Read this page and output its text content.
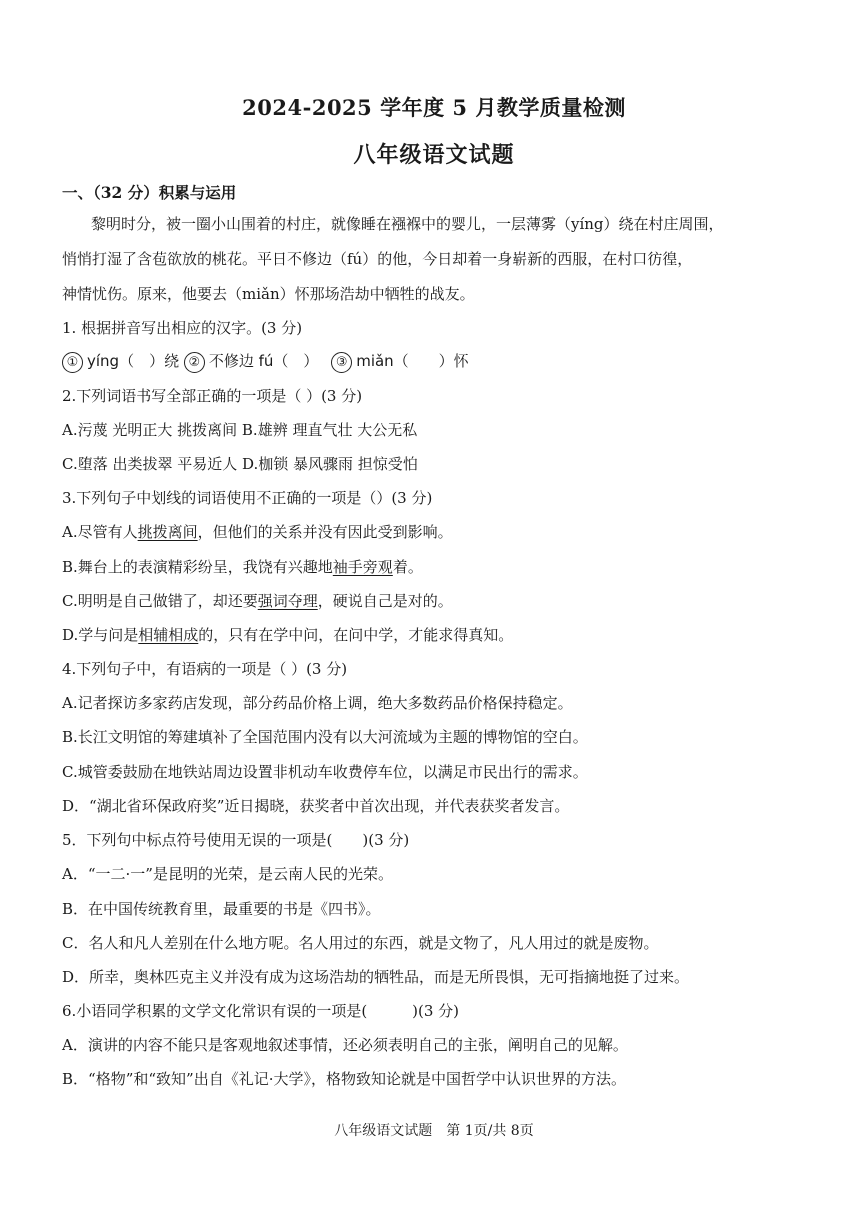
2024-2025 学年度 5 月教学质量检测
八年级语文试题
一、（32 分）积累与运用
黎明时分，被一圈小山围着的村庄，就像睡在襁褓中的婴儿，一层薄雾（yíng）绕在村庄周围，
悄悄打湿了含苞欲放的桃花。平日不修边（fú）的他，今日却着一身崭新的西服，在村口彷徨，
神情忧伤。原来，他要去（miǎn）怀那场浩劫中牺牲的战友。
1. 根据拼音写出相应的汉字。(3 分)
① yíng（　）绕 ② 不修边 fú（　） ③ miǎn（　　）怀
2.下列词语书写全部正确的一项是（ ）(3 分)
A.污蔑 光明正大 挑拨离间 B.雄辨 理直气壮 大公无私
C.堕落 出类拔翠 平易近人 D.枷锁 暴风骤雨 担惊受怕
3.下列句子中划线的词语使用不正确的一项是（）(3 分)
A.尽管有人挑拨离间，但他们的关系并没有因此受到影响。
B.舞台上的表演精彩纷呈，我饶有兴趣地袖手旁观着。
C.明明是自己做错了，却还要强词夺理，硬说自己是对的。
D.学与问是相辅相成的，只有在学中问，在问中学，才能求得真知。
4.下列句子中，有语病的一项是（ ）(3 分)
A.记者探访多家药店发现，部分药品价格上调，绝大多数药品价格保持稳定。
B.长江文明馆的筹建填补了全国范围内没有以大河流域为主题的博物馆的空白。
C.城管委鼓励在地铁站周边设置非机动车收费停车位，以满足市民出行的需求。
D．“湖北省环保政府奖”近日揭晓，获奖者中首次出现，并代表获奖者发言。
5．下列句中标点符号使用无误的一项是(　　)(3 分)
A．“一二·一”是昆明的光荣，是云南人民的光荣。
B．在中国传统教育里，最重要的书是《四书》。
C．名人和凡人差别在什么地方呢。名人用过的东西，就是文物了，凡人用过的就是废物。
D．所幸，奥林匹克主义并没有成为这场浩劫的牺牲品，而是无所畏惧，无可指摘地挺了过来。
6.小语同学积累的文学文化常识有误的一项是(　　　)(3 分)
A．演讲的内容不能只是客观地叙述事情，还必须表明自己的主张，阐明自己的见解。
B．“格物”和“致知”出自《礼记·大学》，格物致知论就是中国哲学中认识世界的方法。
八年级语文试题　第 1页/共 8页
